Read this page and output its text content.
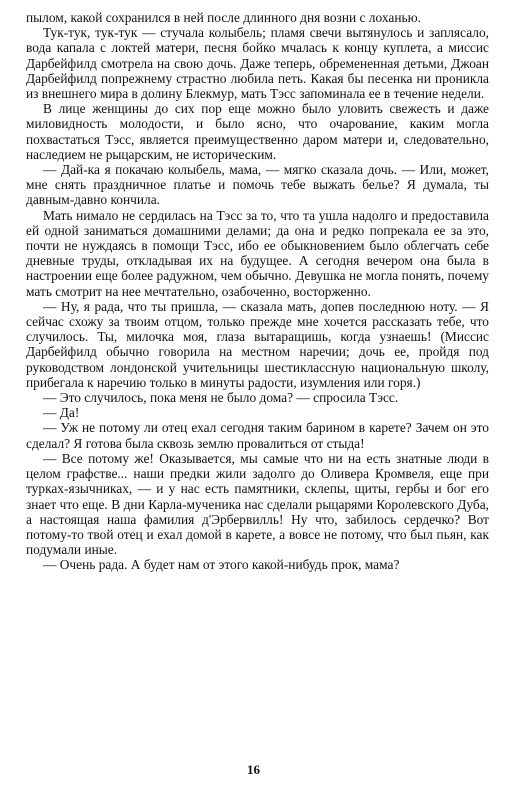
пылом, какой сохранился в ней после длинного дня возни с лоханью.

Тук-тук, тук-тук — стучала колыбель; пламя свечи вытянулось и заплясало, вода капала с локтей матери, песня бойко мчалась к концу куплета, а миссис Дарбейфилд смотрела на свою дочь. Даже теперь, обремененная детьми, Джоан Дарбейфилд попрежнему страстно любила петь. Какая бы песенка ни проникла из внешнего мира в долину Блекмур, мать Тэсс запоминала ее в течение недели.

В лице женщины до сих пор еще можно было уловить свежесть и даже миловидность молодости, и было ясно, что очарование, каким могла похвастаться Тэсс, является преимущественно даром матери и, следовательно, наследием не рыцарским, не историческим.

— Дай-ка я покачаю колыбель, мама, — мягко сказала дочь. — Или, может, мне снять праздничное платье и помочь тебе выжать белье? Я думала, ты давным-давно кончила.

Мать нимало не сердилась на Тэсс за то, что та ушла надолго и предоставила ей одной заниматься домашними делами; да она и редко попрекала ее за это, почти не нуждаясь в помощи Тэсс, ибо ее обыкновением было облегчать себе дневные труды, откладывая их на будущее. А сегодня вечером она была в настроении еще более радужном, чем обычно. Девушка не могла понять, почему мать смотрит на нее мечтательно, озабоченно, восторженно.

— Ну, я рада, что ты пришла, — сказала мать, допев последнюю ноту. — Я сейчас схожу за твоим отцом, только прежде мне хочется рассказать тебе, что случилось. Ты, милочка моя, глаза вытаращишь, когда узнаешь! (Миссис Дарбейфилд обычно говорила на местном наречии; дочь ее, пройдя под руководством лондонской учительницы шестиклассную национальную школу, прибегала к наречию только в минуты радости, изумления или горя.)

— Это случилось, пока меня не было дома? — спросила Тэсс.

— Да!

— Уж не потому ли отец ехал сегодня таким барином в карете? Зачем он это сделал? Я готова была сквозь землю провалиться от стыда!

— Все потому же! Оказывается, мы самые что ни на есть знатные люди в целом графстве... наши предки жили задолго до Оливера Кромвеля, еще при турках-язычниках, — и у нас есть памятники, склепы, щиты, гербы и бог его знает что еще. В дни Карла-мученика нас сделали рыцарями Королевского Дуба, а настоящая наша фамилия д'Эрбервилль! Ну что, забилось сердечко? Вот потому-то твой отец и ехал домой в карете, а вовсе не потому, что был пьян, как подумали иные.

— Очень рада. А будет нам от этого какой-нибудь прок, мама?

16
